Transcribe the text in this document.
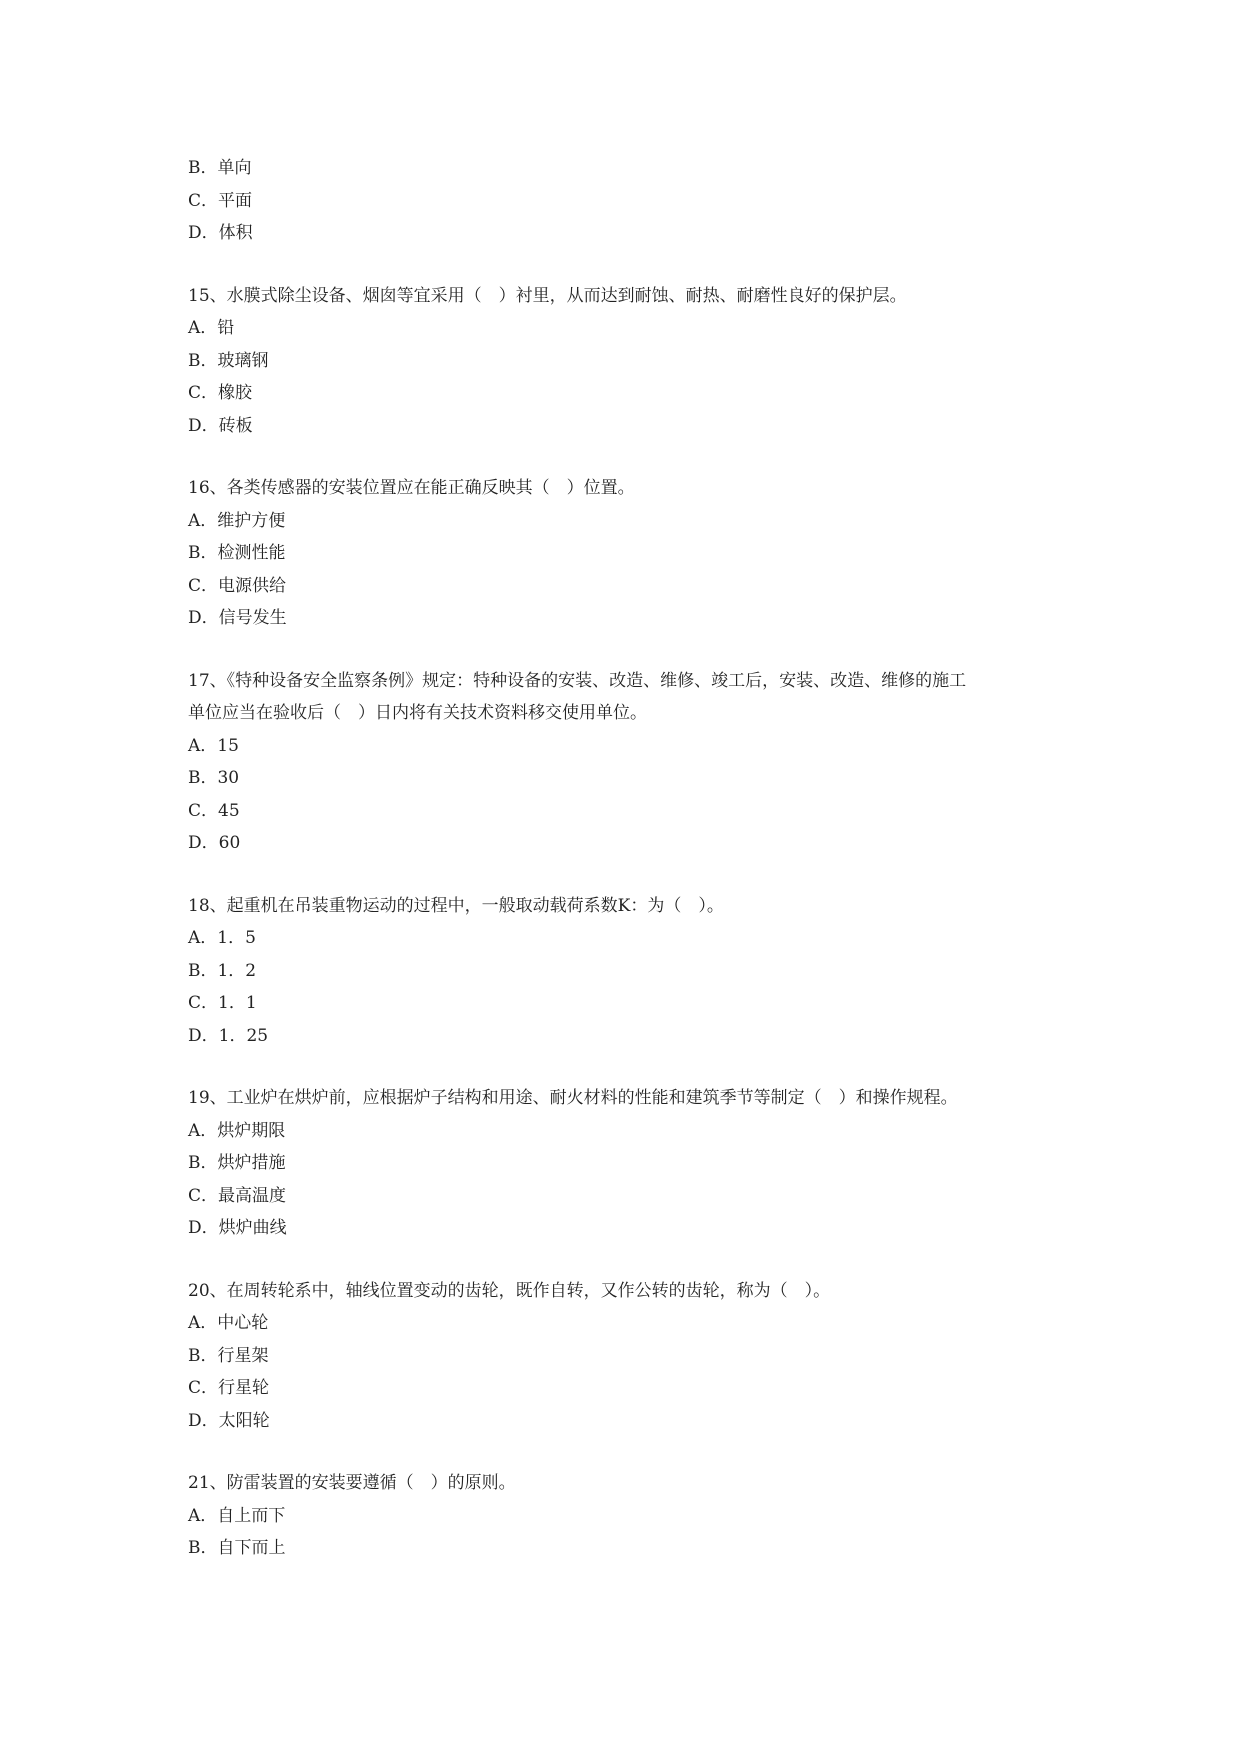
B．单向
C．平面
D．体积
15、水膜式除尘设备、烟囱等宜采用（　）衬里，从而达到耐蚀、耐热、耐磨性良好的保护层。
A．铅
B．玻璃钢
C．橡胶
D．砖板
16、各类传感器的安装位置应在能正确反映其（　）位置。
A．维护方便
B．检测性能
C．电源供给
D．信号发生
17、《特种设备安全监察条例》规定：特种设备的安装、改造、维修、竣工后，安装、改造、维修的施工
单位应当在验收后（　）日内将有关技术资料移交使用单位。
A．15
B．30
C．45
D．60
18、起重机在吊装重物运动的过程中，一般取动载荷系数K：为（　）。
A．1．5
B．1．2
C．1．1
D．1．25
19、工业炉在烘炉前，应根据炉子结构和用途、耐火材料的性能和建筑季节等制定（　）和操作规程。
A．烘炉期限
B．烘炉措施
C．最高温度
D．烘炉曲线
20、在周转轮系中，轴线位置变动的齿轮，既作自转，又作公转的齿轮，称为（　）。
A．中心轮
B．行星架
C．行星轮
D．太阳轮
21、防雷装置的安装要遵循（　）的原则。
A．自上而下
B．自下而上
